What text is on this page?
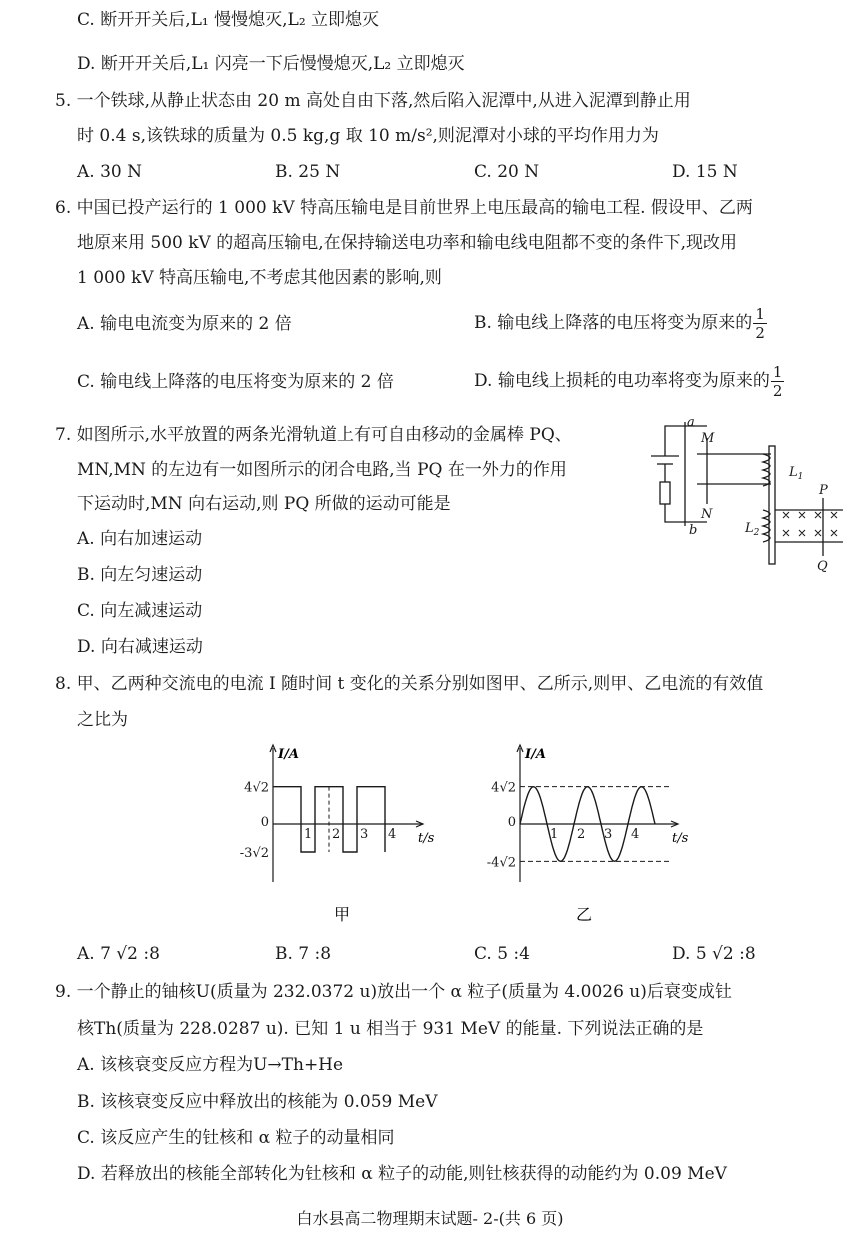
C. 断开开关后,L₁ 慢慢熄灭,L₂ 立即熄灭
D. 断开开关后,L₁ 闪亮一下后慢慢熄灭,L₂ 立即熄灭
5. 一个铁球,从静止状态由 20 m 高处自由下落,然后陷入泥潭中,从进入泥潭到静止用
时 0.4 s,该铁球的质量为 0.5 kg,g 取 10 m/s²,则泥潭对小球的平均作用力为
A. 30 N	B. 25 N	C. 20 N	D. 15 N
6. 中国已投产运行的 1 000 kV 特高压输电是目前世界上电压最高的输电工程. 假设甲、乙两
地原来用 500 kV 的超高压输电,在保持输送电功率和输电线电阻都不变的条件下,现改用
1 000 kV 特高压输电,不考虑其他因素的影响,则
A. 输电电流变为原来的 2 倍	B. 输电线上降落的电压将变为原来的 $\frac{1}{2}$
C. 输电线上降落的电压将变为原来的 2 倍	D. 输电线上损耗的电功率将变为原来的 $\frac{1}{2}$
7. 如图所示,水平放置的两条光滑轨道上有可自由移动的金属棒 PQ、
MN,MN 的左边有一如图所示的闭合电路,当 PQ 在一外力的作用
下运动时,MN 向右运动,则 PQ 所做的运动可能是
A. 向右加速运动
B. 向左匀速运动
C. 向左减速运动
D. 向右减速运动
a
M
N
b
P
Q
$L_1$
$L_2$
8. 甲、乙两种交流电的电流 I 随时间 t 变化的关系分别如图甲、乙所示,则甲、乙电流的有效值
之比为
1 2 3 4
4√2
0
-3√2
I/A
t/s
甲
1 2 3 4
4√2
0
-4√2
I/A
t/s
乙
A. 7 √2 :8	B. 7 :8	C. 5 :4	D. 5 √2 :8
9. 一个静止的铀核U(质量为 232.0372 u)放出一个 α 粒子(质量为 4.0026 u)后衰变成钍
核Th(质量为 228.0287 u). 已知 1 u 相当于 931 MeV 的能量. 下列说法正确的是
A. 该核衰变反应方程为U→Th+He
B. 该核衰变反应中释放出的核能为 0.059 MeV
C. 该反应产生的钍核和 α 粒子的动量相同
D. 若释放出的核能全部转化为钍核和 α 粒子的动能,则钍核获得的动能约为 0.09 MeV
白水县高二物理期末试题- 2-(共 6 页)
